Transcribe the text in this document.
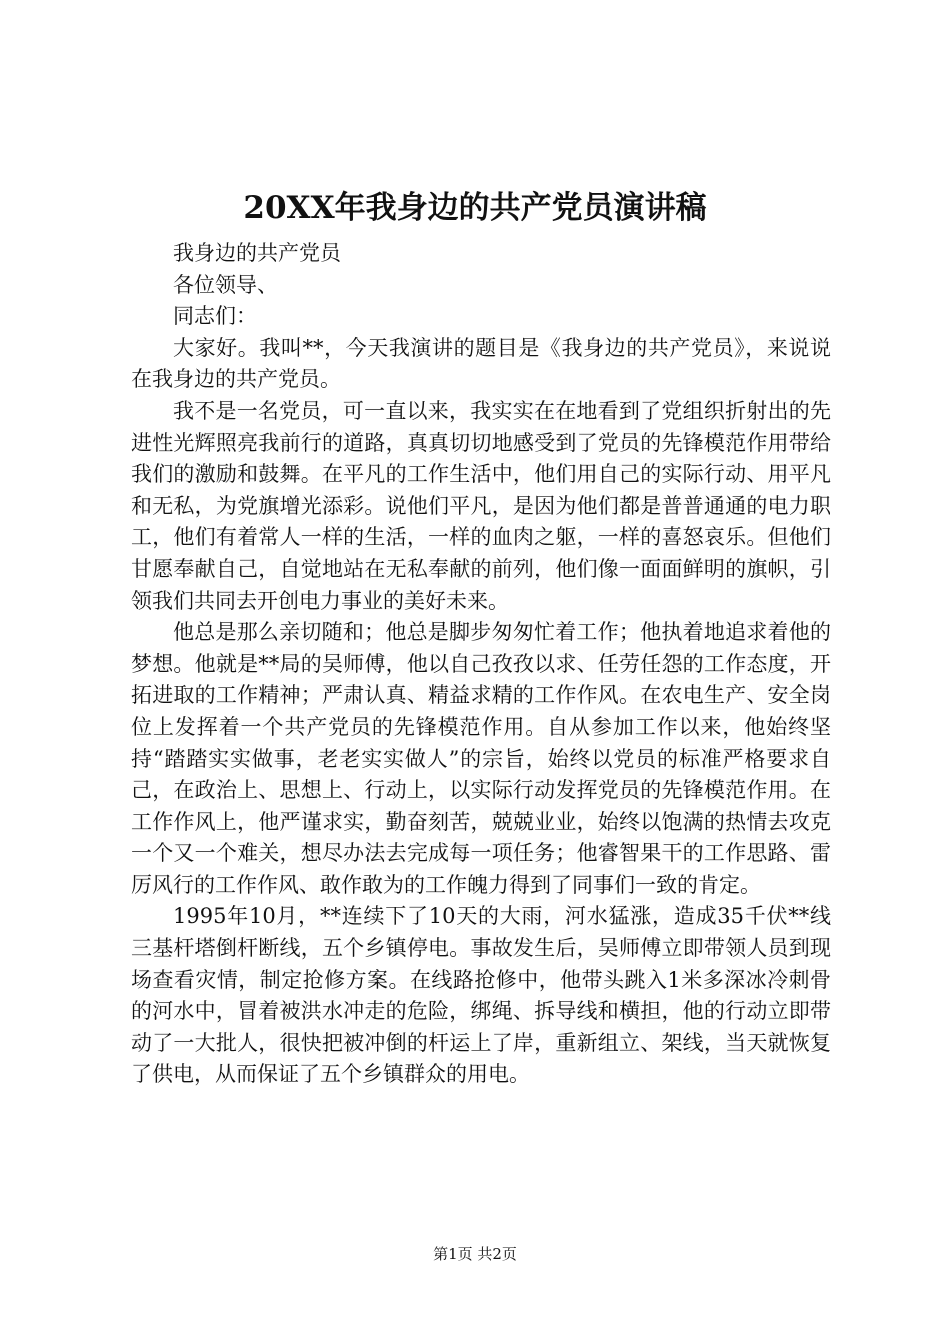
20XX年我身边的共产党员演讲稿

我身边的共产党员

各位领导、

同志们：

大家好。我叫**，今天我演讲的题目是《我身边的共产党员》，来说说在我身边的共产党员。

我不是一名党员，可一直以来，我实实在在地看到了党组织折射出的先进性光辉照亮我前行的道路，真真切切地感受到了党员的先锋模范作用带给我们的激励和鼓舞。在平凡的工作生活中，他们用自己的实际行动、用平凡和无私，为党旗增光添彩。说他们平凡，是因为他们都是普普通通的电力职工，他们有着常人一样的生活，一样的血肉之躯，一样的喜怒哀乐。但他们甘愿奉献自己，自觉地站在无私奉献的前列，他们像一面面鲜明的旗帜，引领我们共同去开创电力事业的美好未来。

他总是那么亲切随和；他总是脚步匆匆忙着工作；他执着地追求着他的梦想。他就是**局的吴师傅，他以自己孜孜以求、任劳任怨的工作态度，开拓进取的工作精神；严肃认真、精益求精的工作作风。在农电生产、安全岗位上发挥着一个共产党员的先锋模范作用。自从参加工作以来，他始终坚持“踏踏实实做事，老老实实做人”的宗旨，始终以党员的标准严格要求自己，在政治上、思想上、行动上，以实际行动发挥党员的先锋模范作用。在工作作风上，他严谨求实，勤奋刻苦，兢兢业业，始终以饱满的热情去攻克一个又一个难关，想尽办法去完成每一项任务；他睿智果干的工作思路、雷厉风行的工作作风、敢作敢为的工作魄力得到了同事们一致的肯定。

1995年10月，**连续下了10天的大雨，河水猛涨，造成35千伏**线三基杆塔倒杆断线，五个乡镇停电。事故发生后，吴师傅立即带领人员到现场查看灾情，制定抢修方案。在线路抢修中，他带头跳入1米多深冰冷刺骨的河水中，冒着被洪水冲走的危险，绑绳、拆导线和横担，他的行动立即带动了一大批人，很快把被冲倒的杆运上了岸，重新组立、架线，当天就恢复了供电，从而保证了五个乡镇群众的用电。

第1页 共2页
